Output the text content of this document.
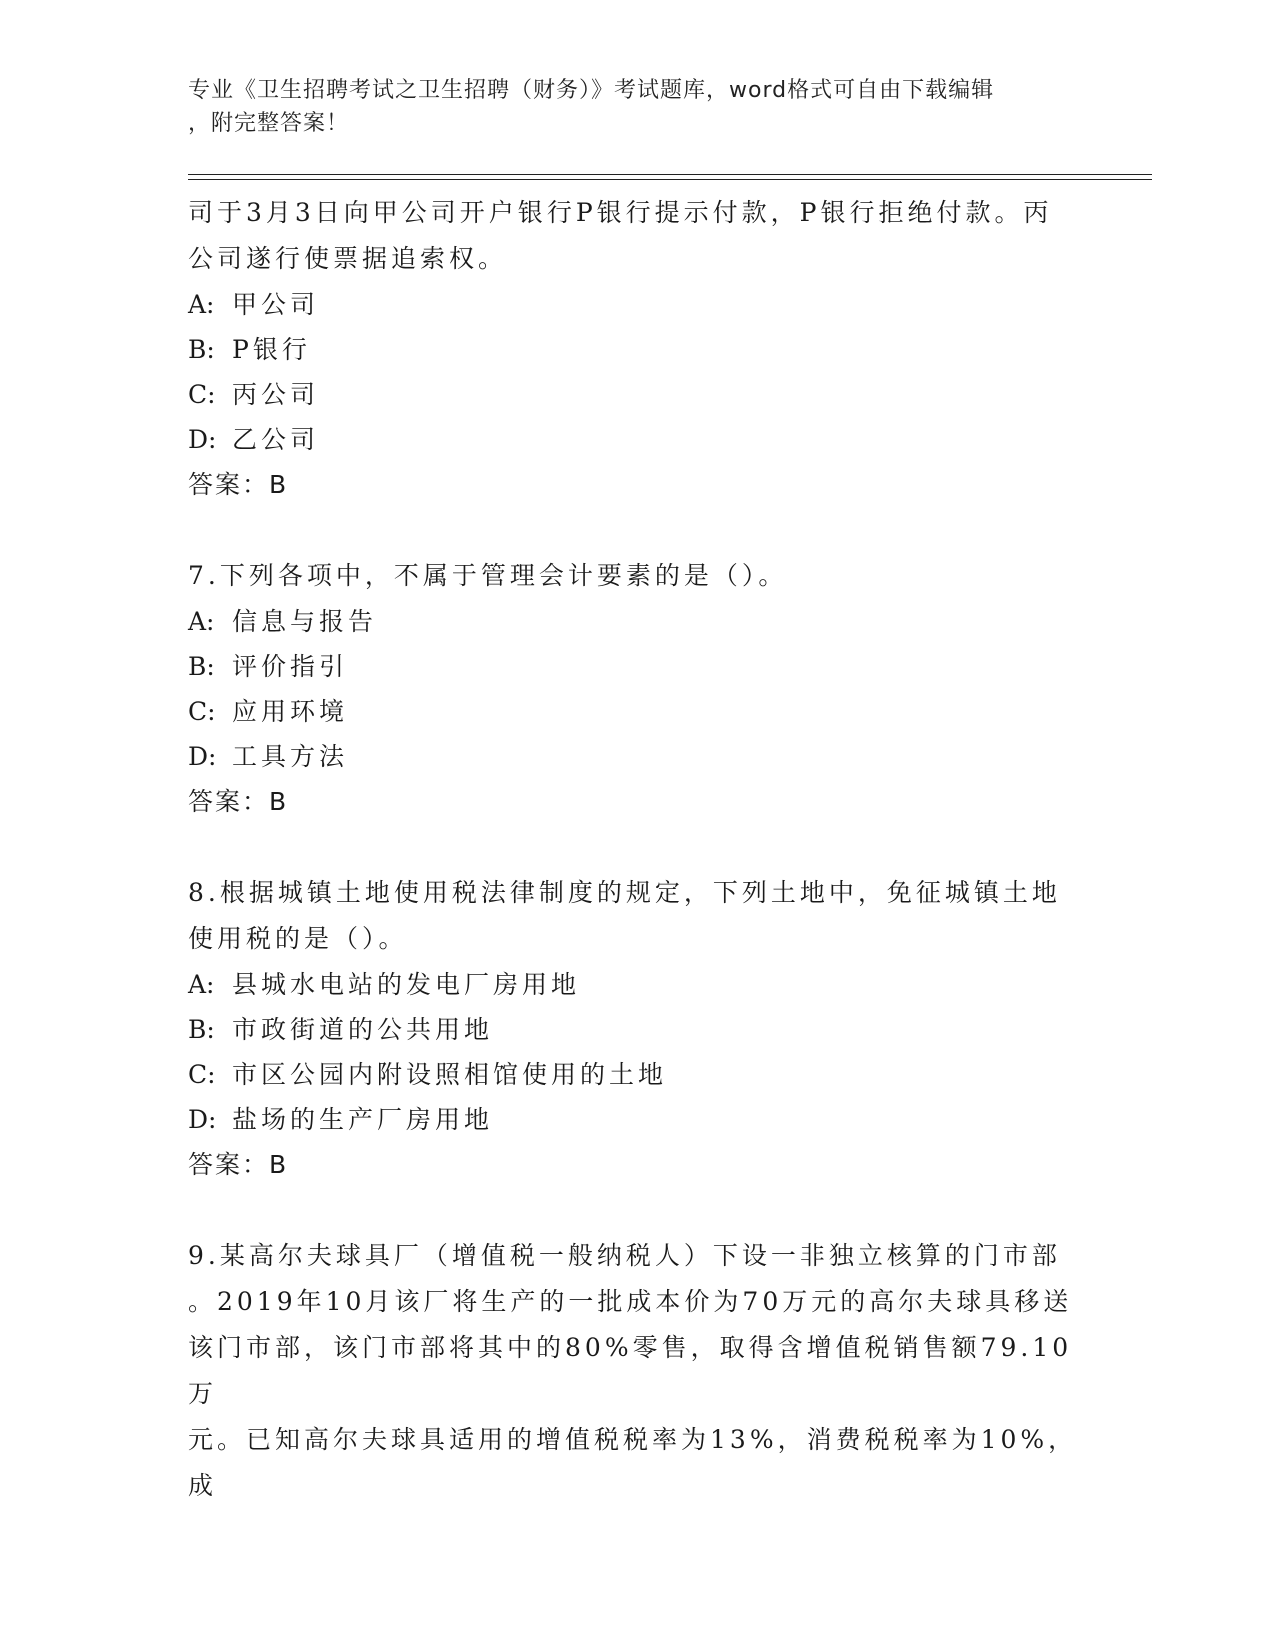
专业《卫生招聘考试之卫生招聘（财务）》考试题库，word格式可自由下载编辑
，附完整答案！

司于3月3日向甲公司开户银行P银行提示付款，P银行拒绝付款。丙

公司遂行使票据追索权。

A: 甲公司

B: P银行

C: 丙公司

D: 乙公司

答案：B

7.下列各项中，不属于管理会计要素的是（）。

A: 信息与报告

B: 评价指引

C: 应用环境

D: 工具方法

答案：B

8.根据城镇土地使用税法律制度的规定，下列土地中，免征城镇土地

使用税的是（）。

A: 县城水电站的发电厂房用地

B: 市政街道的公共用地

C: 市区公园内附设照相馆使用的土地

D: 盐场的生产厂房用地

答案：B

9.某高尔夫球具厂（增值税一般纳税人）下设一非独立核算的门市部

。2019年10月该厂将生产的一批成本价为70万元的高尔夫球具移送

该门市部，该门市部将其中的80%零售，取得含增值税销售额79.10万

元。已知高尔夫球具适用的增值税税率为13%，消费税税率为10%，成
